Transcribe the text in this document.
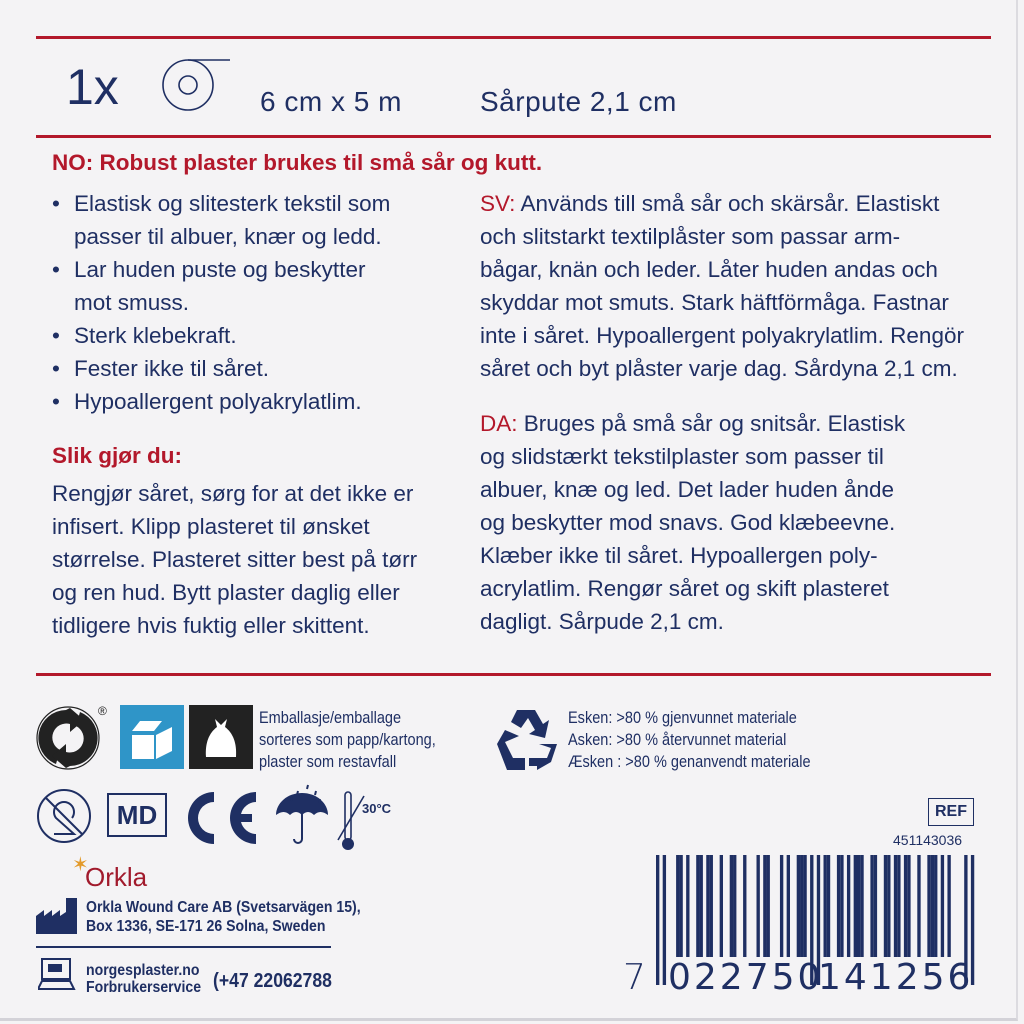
1x	6 cm x 5 m	Sårpute 2,1 cm
NO: Robust plaster brukes til små sår og kutt.
• Elastisk og slitesterk tekstil som
passer til albuer, knær og ledd.
• Lar huden puste og beskytter
mot smuss.
• Sterk klebekraft.
• Fester ikke til såret.
• Hypoallergent polyakrylatlim.
Slik gjør du:
Rengjør såret, sørg for at det ikke er
infisert. Klipp plasteret til ønsket
størrelse. Plasteret sitter best på tørr
og ren hud. Bytt plaster daglig eller
tidligere hvis fuktig eller skittent.
SV: Används till små sår och skärsår. Elastiskt
och slitstarkt textilplåster som passar arm-
bågar, knän och leder. Låter huden andas och
skyddar mot smuts. Stark häftförmåga. Fastnar
inte i såret. Hypoallergent polyakrylatlim. Rengör
såret och byt plåster varje dag. Sårdyna 2,1 cm.
DA: Bruges på små sår og snitsår. Elastisk
og slidstærkt tekstilplaster som passer til
albuer, knæ og led. Det lader huden ånde
og beskytter mod snavs. God klæbeevne.
Klæber ikke til såret. Hypoallergen poly-
acrylatlim. Rengør såret og skift plasteret
dagligt. Sårpude 2,1 cm.
®	Emballasje/emballage
sorteres som papp/kartong,
plaster som restavfall
Esken: >80 % gjenvunnet materiale
Asken: >80 % återvunnet material
Æsken : >80 % genanvendt materiale
MD	30°C
✶
Orkla
Orkla Wound Care AB (Svetsarvägen 15),
Box 1336, SE-171 26 Solna, Sweden
norgesplaster.no
Forbrukerservice (+47 22062788
REF
451143036
7 022750
141256
